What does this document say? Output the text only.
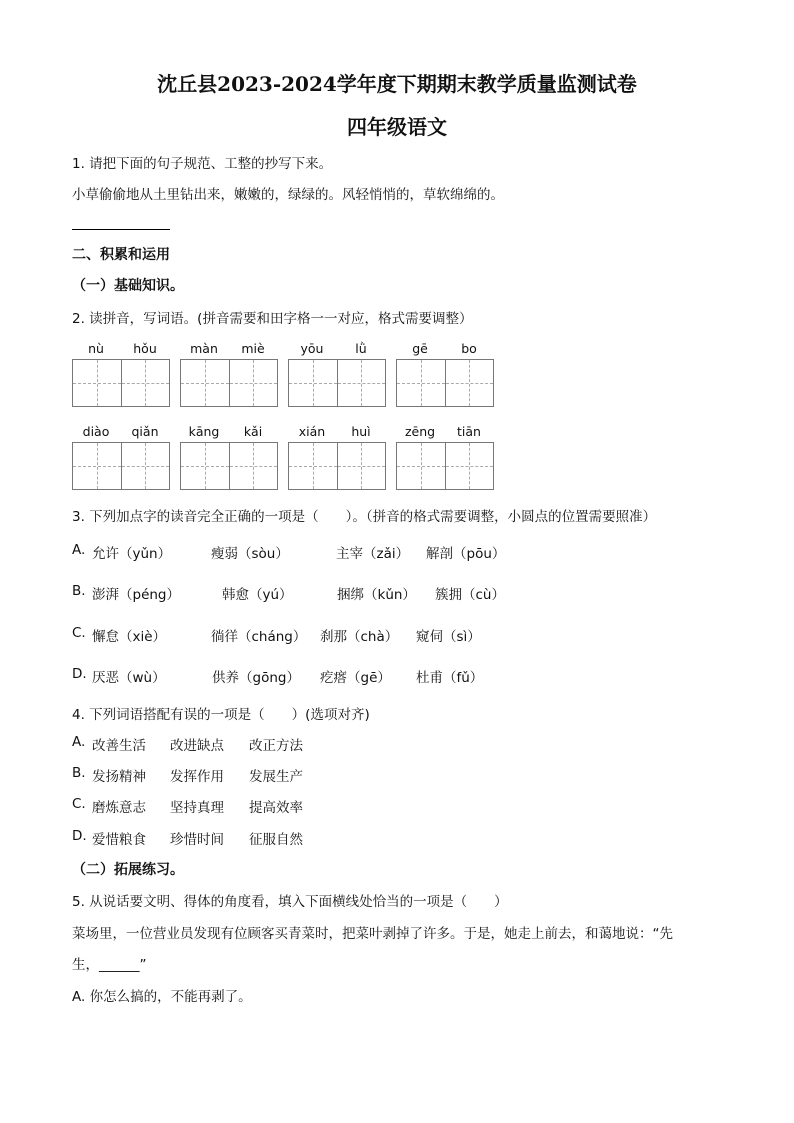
沈丘县2023-2024学年度下期期末教学质量监测试卷
四年级语文
1. 请把下面的句子规范、工整的抄写下来。
小草偷偷地从土里钻出来，嫩嫩的，绿绿的。风轻悄悄的，草软绵绵的。
二、积累和运用
（一）基础知识。
2. 读拼音，写词语。(拼音需要和田字格一一对应，格式需要调整）
nù	hǒu	màn	miè	yōu	lǜ	gē	bo
diào	qiǎn	kāng	kǎi	xián	huì	zēng	tiān
3. 下列加点字的读音完全正确的一项是（　　）。（拼音的格式需要调整，小圆点的位置需要照准）
A. 允许（yǔn）	瘦弱（sòu）	主宰（zǎi） 解剖（pōu）
B. 澎湃（péng）	韩愈（yú）	捆绑（kǔn） 簇拥（cù）
C. 懈怠（xiè）	徜徉（cháng） 刹那（chà） 窥伺（sì）
D. 厌恶（wù）	供养（gōng） 疙瘩（gē） 杜甫（fǔ）
4. 下列词语搭配有误的一项是（　　）(选项对齐)
A. 改善生活 改进缺点 改正方法
B. 发扬精神 发挥作用 发展生产
C. 磨炼意志 坚持真理 提高效率
D. 爱惜粮食 珍惜时间 征服自然
（二）拓展练习。
5. 从说话要文明、得体的角度看，填入下面横线处恰当的一项是（　　）
菜场里，一位营业员发现有位顾客买青菜时，把菜叶剥掉了许多。于是，她走上前去，和蔼地说：“先
生，______”
A. 你怎么搞的，不能再剥了。
